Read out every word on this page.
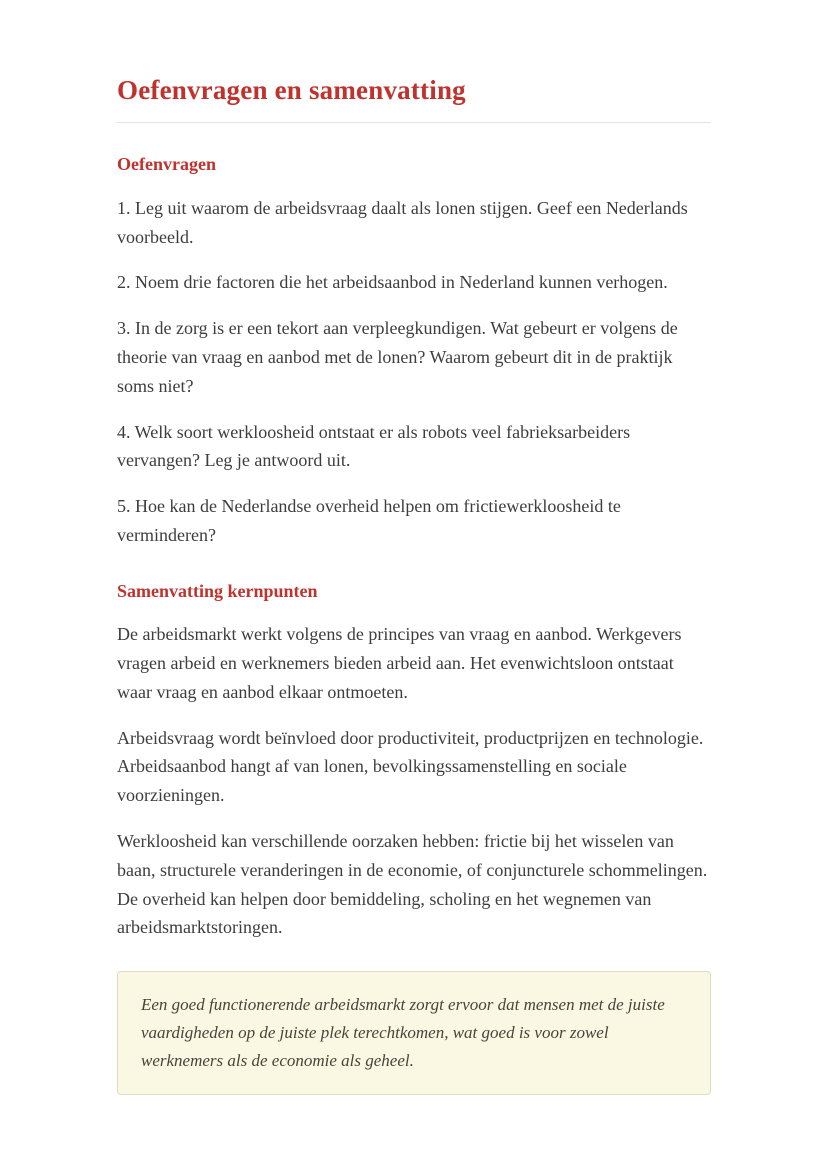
Oefenvragen en samenvatting
Oefenvragen

1. Leg uit waarom de arbeidsvraag daalt als lonen stijgen. Geef een Nederlands voorbeeld.

2. Noem drie factoren die het arbeidsaanbod in Nederland kunnen verhogen.

3. In de zorg is er een tekort aan verpleegkundigen. Wat gebeurt er volgens de theorie van vraag en aanbod met de lonen? Waarom gebeurt dit in de praktijk soms niet?

4. Welk soort werkloosheid ontstaat er als robots veel fabrieksarbeiders vervangen? Leg je antwoord uit.

5. Hoe kan de Nederlandse overheid helpen om frictiewerkloosheid te verminderen?

Samenvatting kernpunten

De arbeidsmarkt werkt volgens de principes van vraag en aanbod. Werkgevers vragen arbeid en werknemers bieden arbeid aan. Het evenwichtsloon ontstaat waar vraag en aanbod elkaar ontmoeten.

Arbeidsvraag wordt beïnvloed door productiviteit, productprijzen en technologie. Arbeidsaanbod hangt af van lonen, bevolkingssamenstelling en sociale voorzieningen.

Werkloosheid kan verschillende oorzaken hebben: frictie bij het wisselen van baan, structurele veranderingen in de economie, of conjuncturele schommelingen. De overheid kan helpen door bemiddeling, scholing en het wegnemen van arbeidsmarktstoringen.

Een goed functionerende arbeidsmarkt zorgt ervoor dat mensen met de juiste vaardigheden op de juiste plek terechtkomen, wat goed is voor zowel werknemers als de economie als geheel.
